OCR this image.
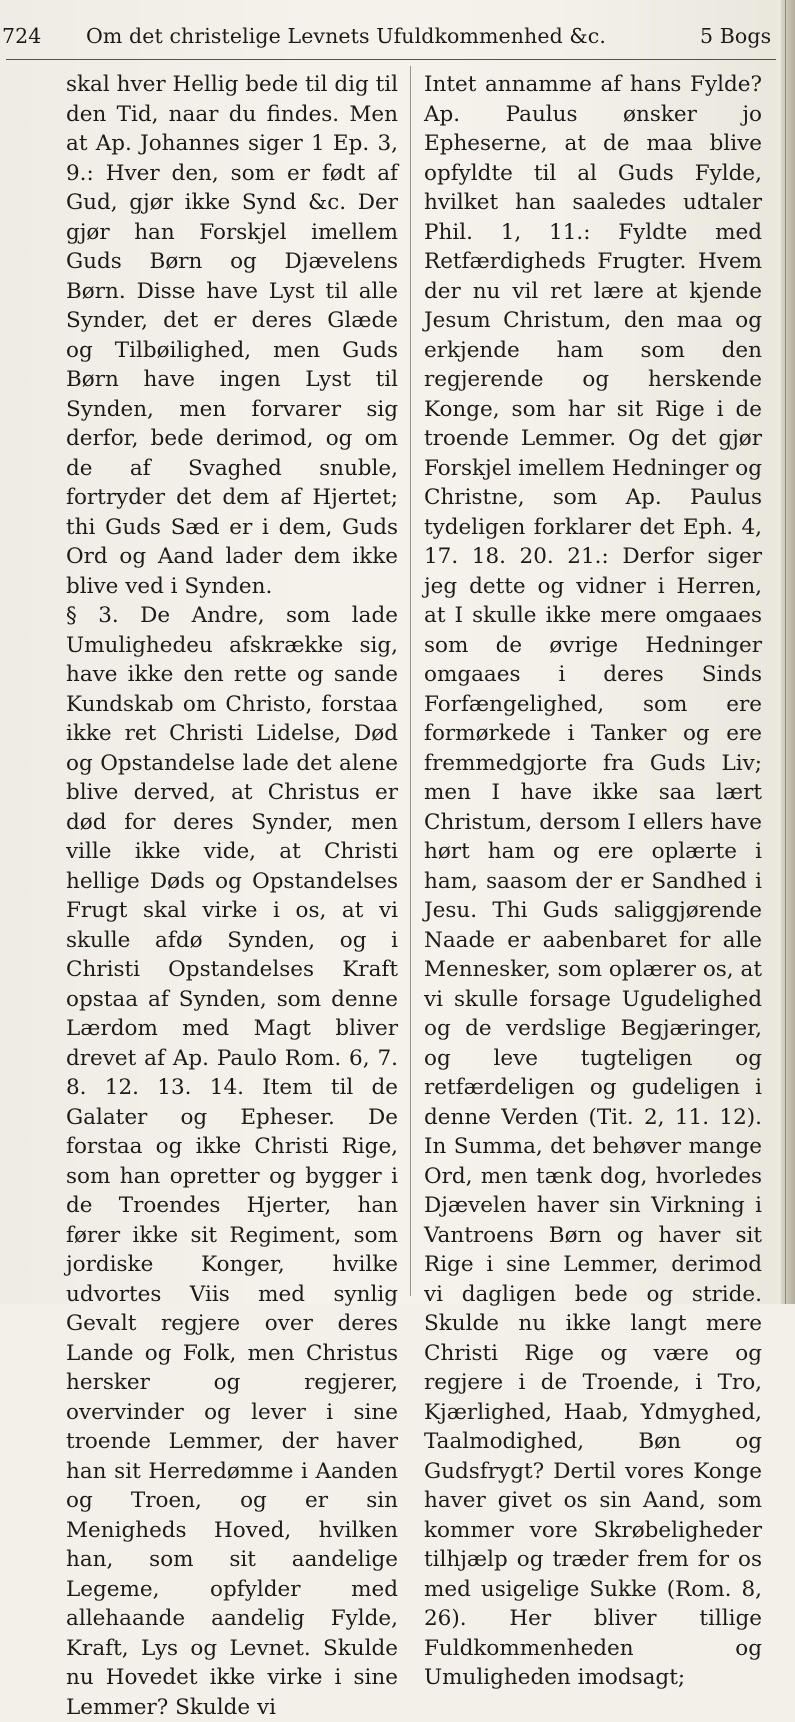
724 Om det christelige Levnets Ufuldkommenhed &c.	5 Bogs

skal hver Hellig bede til dig til den Tid, naar du findes. Men at Ap. Johannes siger 1 Ep. 3, 9.: Hver den, som er født af Gud, gjør ikke Synd &c. Der gjør han Forskjel imellem Guds Børn og Djævelens Børn. Disse have Lyst til alle Synder, det er deres Glæde og Tilbøilighed, men Guds Børn have ingen Lyst til Synden, men forvarer sig derfor, bede derimod, og om de af Svaghed snuble, fortryder det dem af Hjertet; thi Guds Sæd er i dem, Guds Ord og Aand lader dem ikke blive ved i Synden.

§ 3. De Andre, som lade Umulighedeu afskrække sig, have ikke den rette og sande Kundskab om Christo, forstaa ikke ret Christi Lidelse, Død og Opstandelse lade det alene blive derved, at Christus er død for deres Synder, men ville ikke vide, at Christi hellige Døds og Opstandelses Frugt skal virke i os, at vi skulle afdø Synden, og i Christi Opstandelses Kraft opstaa af Synden, som denne Lærdom med Magt bliver drevet af Ap. Paulo Rom. 6, 7. 8. 12. 13. 14. Item til de Galater og Epheser. De forstaa og ikke Christi Rige, som han opretter og bygger i de Troendes Hjerter, han fører ikke sit Regiment, som jordiske Konger, hvilke udvortes Viis med synlig Gevalt regjere over deres Lande og Folk, men Christus hersker og regjerer, overvinder og lever i sine troende Lemmer, der haver han sit Herredømme i Aanden og Troen, og er sin Menigheds Hoved, hvilken han, som sit aandelige Legeme, opfylder med allehaande aandelig Fylde, Kraft, Lys og Levnet. Skulde nu Hovedet ikke virke i sine Lemmer? Skulde vi

Intet annamme af hans Fylde? Ap. Paulus ønsker jo Epheserne, at de maa blive opfyldte til al Guds Fylde, hvilket han saaledes udtaler Phil. 1, 11.: Fyldte med Retfærdigheds Frugter. Hvem der nu vil ret lære at kjende Jesum Christum, den maa og erkjende ham som den regjerende og herskende Konge, som har sit Rige i de troende Lemmer. Og det gjør Forskjel imellem Hedninger og Christne, som Ap. Paulus tydeligen forklarer det Eph. 4, 17. 18. 20. 21.: Derfor siger jeg dette og vidner i Herren, at I skulle ikke mere omgaaes som de øvrige Hedninger omgaaes i deres Sinds Forfængelighed, som ere formørkede i Tanker og ere fremmedgjorte fra Guds Liv; men I have ikke saa lært Christum, dersom I ellers have hørt ham og ere oplærte i ham, saasom der er Sandhed i Jesu. Thi Guds saliggjørende Naade er aabenbaret for alle Mennesker, som oplærer os, at vi skulle forsage Ugudelighed og de verdslige Begjæringer, og leve tugteligen og retfærdeligen og gudeligen i denne Verden (Tit. 2, 11. 12). In Summa, det behøver mange Ord, men tænk dog, hvorledes Djævelen haver sin Virkning i Vantroens Børn og haver sit Rige i sine Lemmer, derimod vi dagligen bede og stride. Skulde nu ikke langt mere Christi Rige og være og regjere i de Troende, i Tro, Kjærlighed, Haab, Ydmyghed, Taalmodighed, Bøn og Gudsfrygt? Dertil vores Konge haver givet os sin Aand, som kommer vore Skrøbeligheder tilhjælp og træder frem for os med usigelige Sukke (Rom. 8, 26). Her bliver tillige Fuldkommenheden og Umuligheden imodsagt;
